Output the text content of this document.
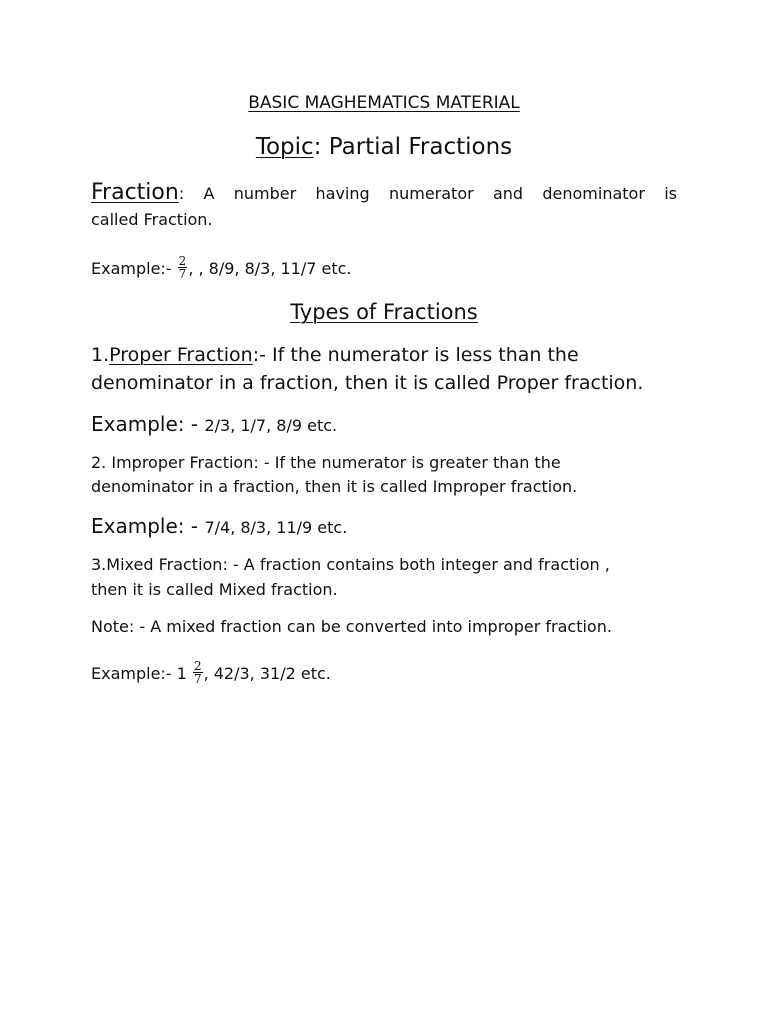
BASIC MAGHEMATICS MATERIAL
Topic: Partial Fractions
Fraction: A number having numerator and denominator is
called Fraction.
Example:- $\frac{2}{7}$ , , 8/9, 8/3, 11/7 etc.
Types of Fractions
1.Proper Fraction:- If the numerator is less than the
denominator in a fraction, then it is called Proper fraction.
Example: - 2/3, 1/7, 8/9 etc.
2. Improper Fraction: - If the numerator is greater than the
denominator in a fraction, then it is called Improper fraction.
Example: - 7/4, 8/3, 11/9 etc.
3.Mixed Fraction: - A fraction contains both integer and fraction ,
then it is called Mixed fraction.
Note: - A mixed fraction can be converted into improper fraction.
Example:- $1 \frac{2}{7}$ , 42/3, 31/2 etc.
